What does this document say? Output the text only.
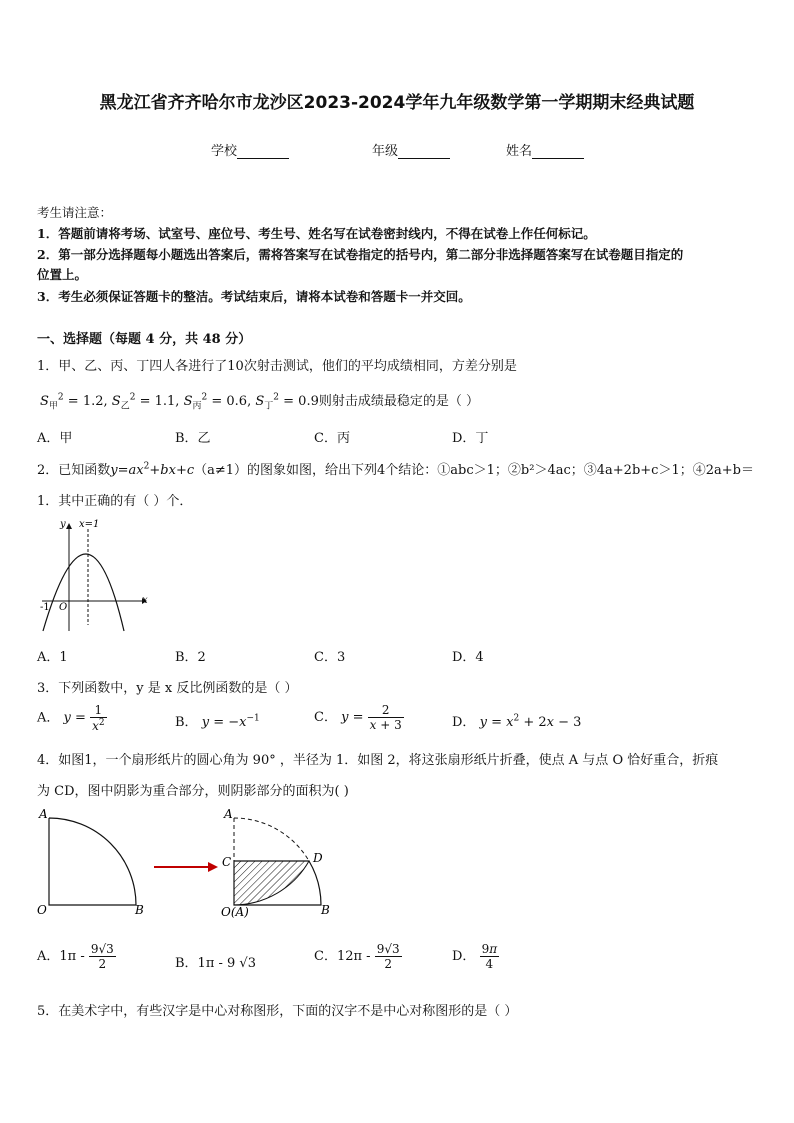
黑龙江省齐齐哈尔市龙沙区2023-2024学年九年级数学第一学期期末经典试题
学校	年级	姓名
考生请注意：
1．答题前请将考场、试室号、座位号、考生号、姓名写在试卷密封线内，不得在试卷上作任何标记。
2．第一部分选择题每小题选出答案后，需将答案写在试卷指定的括号内，第二部分非选择题答案写在试卷题目指定的
位置上。
3．考生必须保证答题卡的整洁。考试结束后，请将本试卷和答题卡一并交回。
一、选择题（每题 4 分，共 48 分）
1．甲、乙、丙、丁四人各进行了10次射击测试，他们的平均成绩相同，方差分别是
$S_甲^2 = 1.2$, $S_乙^2 = 1.1$, $S_丙^2 = 0.6$, $S_丁^2 = 0.9$则射击成绩最稳定的是（ ）
A．甲	B．乙	C．丙	D．丁
2．已知函数$y=ax^2+bx+c(a\ne 1)$的图象如图，给出下列4个结论：①abc＞1；②b²＞4ac；③4a+2b+c＞1；④2a+b＝
1．其中正确的有（ ）个．
y x=1
x
O
-1
A．1	B．2	C．3	D．4
3．下列函数中，y 是 x 反比例函数的是（ ）
A． $y = \frac{1}{x^2}$	B． $y = -x^{-1}$	C． $y = \frac{2}{x + 3}$	D． $y = x^2 + 2x - 3$
4．如图1，一个扇形纸片的圆心角为 90° ，半径为 1．如图 2，将这张扇形纸片折叠，使点 A 与点 O 恰好重合，折痕
为 CD，图中阴影为重合部分，则阴影部分的面积为( )
A
O	B
A
C	D
O(A)	B
A．$1\pi - \frac{9√3}{2}$	B．1π - 9 √3	C．$12\pi - \frac{9√3}{2}$	D． $\frac{9\pi}{4}$
5．在美术字中，有些汉字是中心对称图形，下面的汉字不是中心对称图形的是（ ）
